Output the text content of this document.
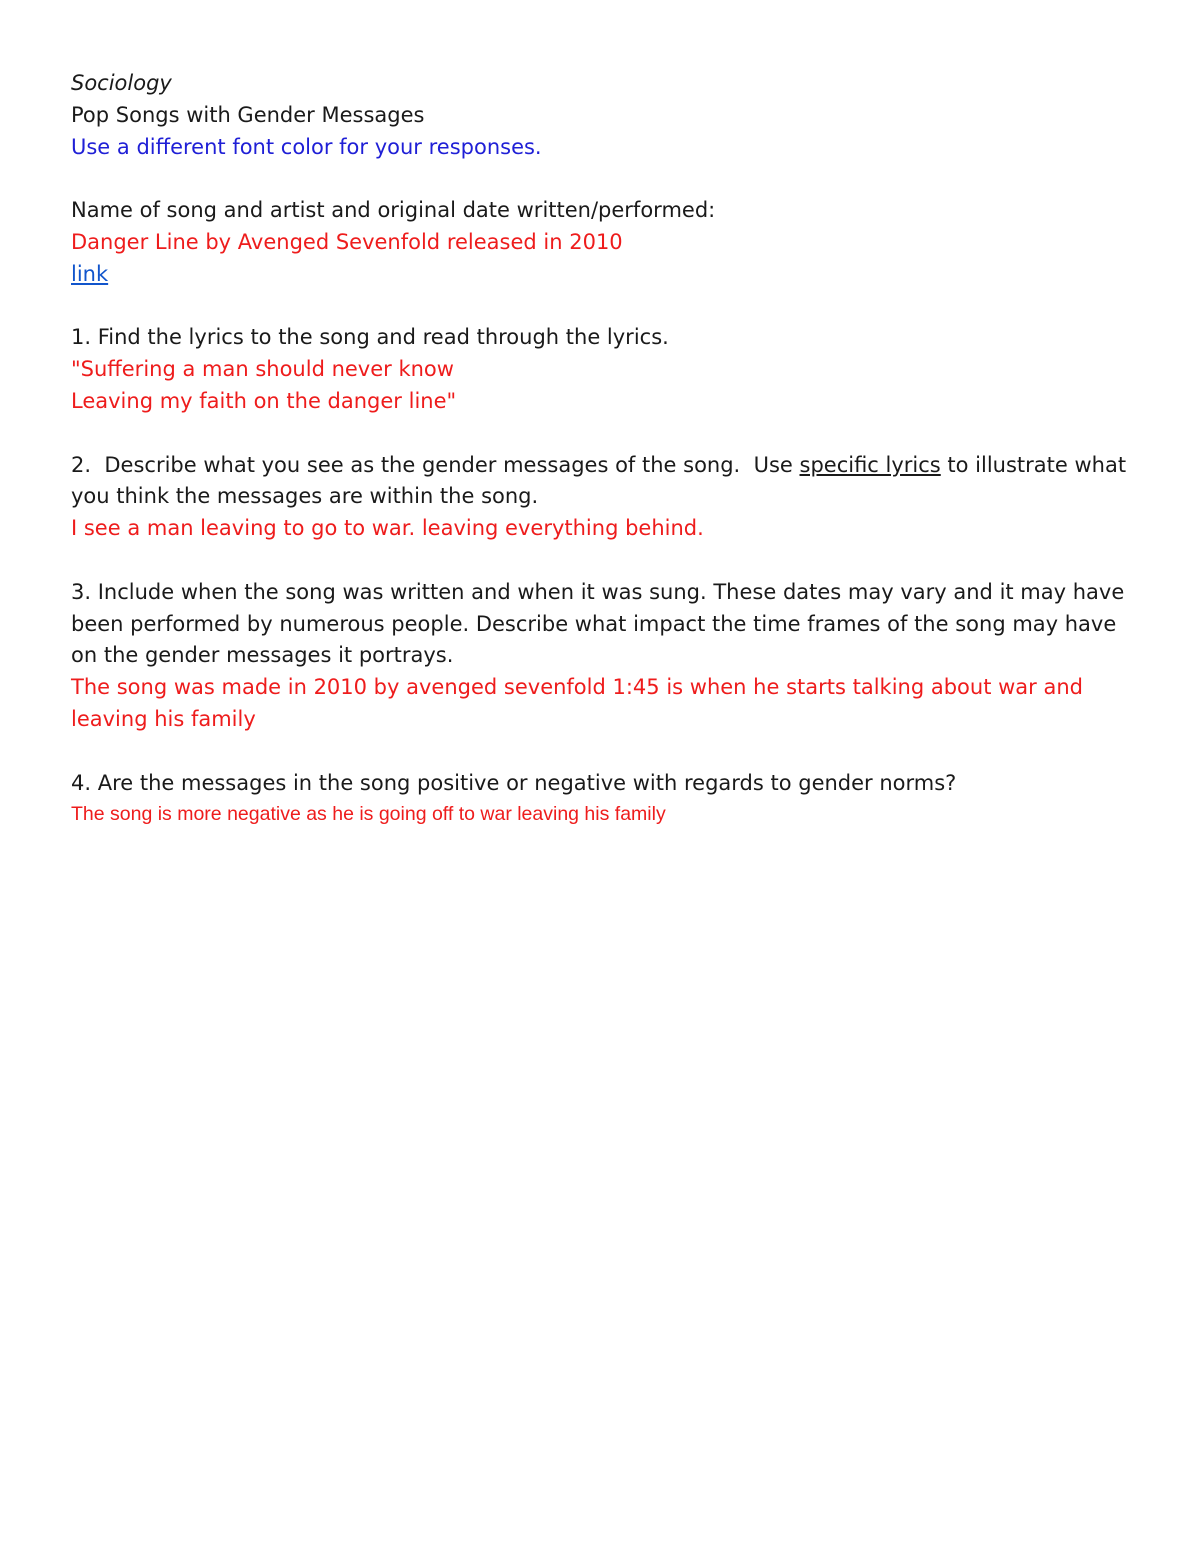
Sociology

Pop Songs with Gender Messages

Use a different font color for your responses.

Name of song and artist and original date written/performed:

Danger Line by Avenged Sevenfold released in 2010

link

1. Find the lyrics to the song and read through the lyrics.

"Suffering a man should never know

Leaving my faith on the danger line"

2.  Describe what you see as the gender messages of the song.  Use specific lyrics to illustrate what you think the messages are within the song.

I see a man leaving to go to war. leaving everything behind.

3. Include when the song was written and when it was sung. These dates may vary and it may have been performed by numerous people. Describe what impact the time frames of the song may have on the gender messages it portrays.

The song was made in 2010 by avenged sevenfold 1:45 is when he starts talking about war and leaving his family

4. Are the messages in the song positive or negative with regards to gender norms?

The song is more negative as he is going off to war leaving his family
